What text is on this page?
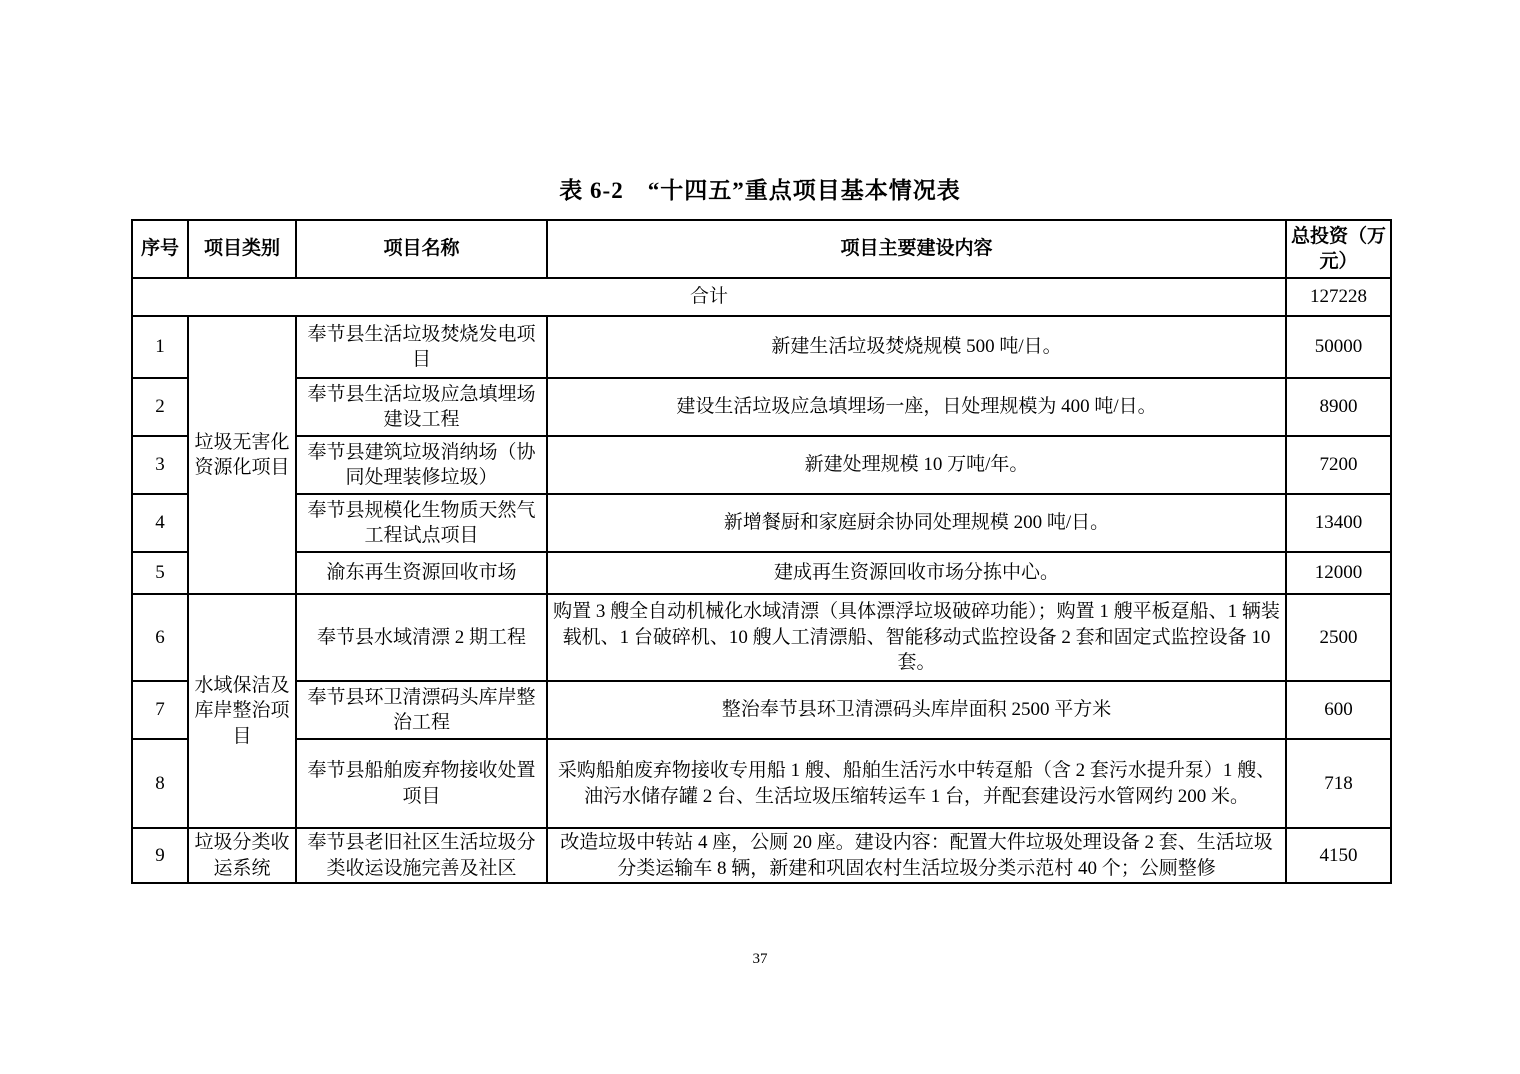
表 6-2　“十四五”重点项目基本情况表
序号	项目类别	项目名称	项目主要建设内容	总投资（万元）
合计				127228
1	垃圾无害化资源化项目	奉节县生活垃圾焚烧发电项目	新建生活垃圾焚烧规模 500 吨/日。	50000
2		奉节县生活垃圾应急填埋场建设工程	建设生活垃圾应急填埋场一座，日处理规模为 400 吨/日。	8900
3		奉节县建筑垃圾消纳场（协同处理装修垃圾）	新建处理规模 10 万吨/年。	7200
4		奉节县规模化生物质天然气工程试点项目	新增餐厨和家庭厨余协同处理规模 200 吨/日。	13400
5		渝东再生资源回收市场	建成再生资源回收市场分拣中心。	12000
6	水域保洁及库岸整治项目	奉节县水域清漂 2 期工程	购置 3 艘全自动机械化水域清漂（具体漂浮垃圾破碎功能）；购置 1 艘平板趸船、1 辆装载机、1 台破碎机、10 艘人工清漂船、智能移动式监控设备 2 套和固定式监控设备 10 套。	2500
7		奉节县环卫清漂码头库岸整治工程	整治奉节县环卫清漂码头库岸面积 2500 平方米	600
8		奉节县船舶废弃物接收处置项目	采购船舶废弃物接收专用船 1 艘、船舶生活污水中转趸船（含 2 套污水提升泵）1 艘、油污水储存罐 2 台、生活垃圾压缩转运车 1 台，并配套建设污水管网约 200 米。	718
9	垃圾分类收运系统	奉节县老旧社区生活垃圾分类收运设施完善及社区	改造垃圾中转站 4 座，公厕 20 座。建设内容：配置大件垃圾处理设备 2 套、生活垃圾分类运输车 8 辆，新建和巩固农村生活垃圾分类示范村 40 个；公厕整修	4150
37
